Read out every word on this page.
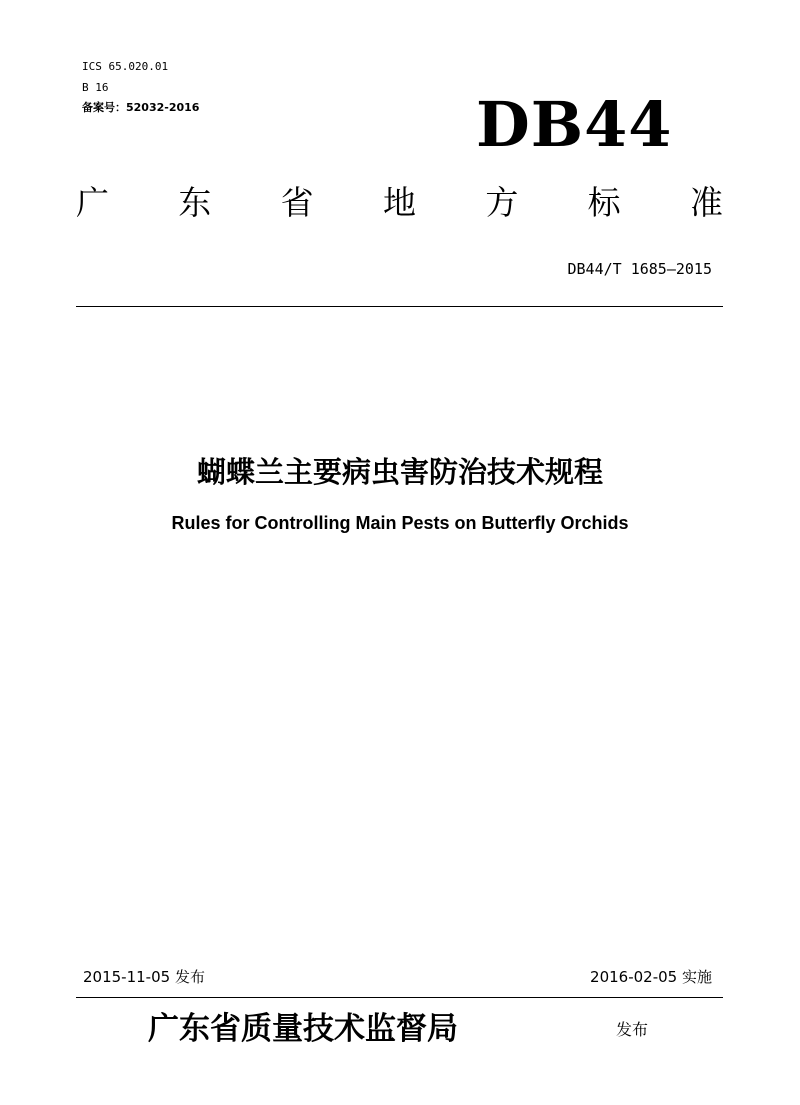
ICS 65.020.01

B 16

备案号：52032-2016	DB44
广 东 省 地 方 标 准
DB44/T 1685—2015
蝴蝶兰主要病虫害防治技术规程
Rules for Controlling Main Pests on Butterfly Orchids
2015-11-05 发布	2016-02-05 实施
广东省质量技术监督局	发布
